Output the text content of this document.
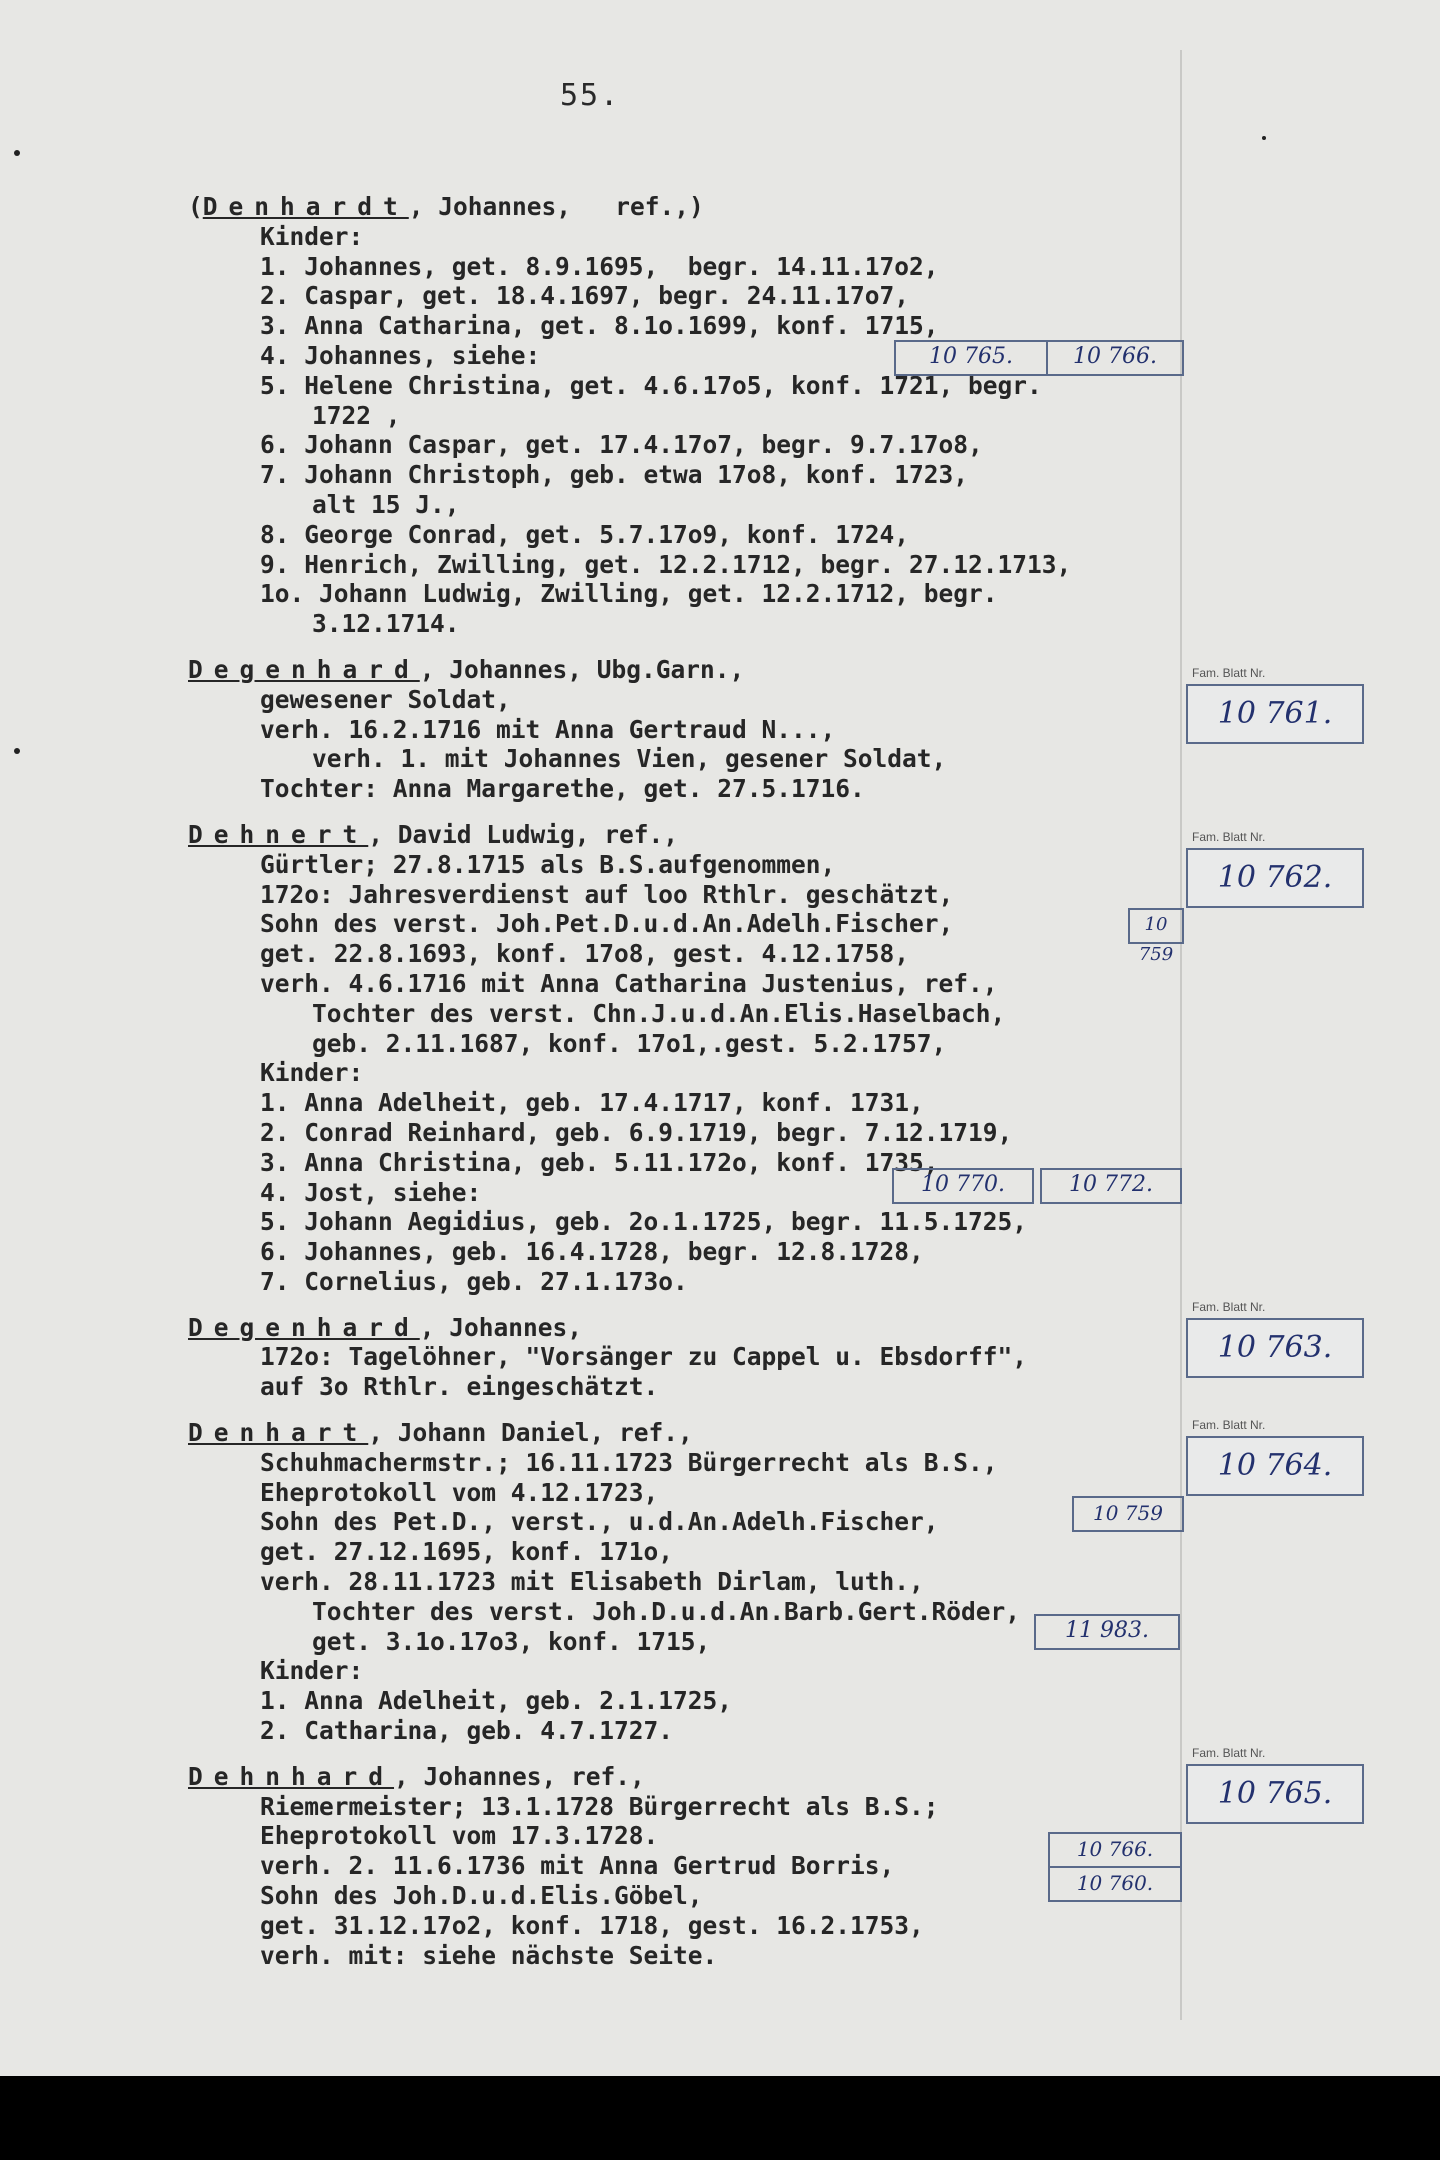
55.
(Denhardt, Johannes,   ref.,)
Kinder:
1. Johannes, get. 8.9.1695,  begr. 14.11.17o2,
2. Caspar, get. 18.4.1697, begr. 24.11.17o7,
3. Anna Catharina, get. 8.1o.1699, konf. 1715,
4. Johannes, siehe:
5. Helene Christina, get. 4.6.17o5, konf. 1721, begr.
1722 ,
6. Johann Caspar, get. 17.4.17o7, begr. 9.7.17o8,
7. Johann Christoph, geb. etwa 17o8, konf. 1723,
alt 15 J.,
8. George Conrad, get. 5.7.17o9, konf. 1724,
9. Henrich, Zwilling, get. 12.2.1712, begr. 27.12.1713,
1o. Johann Ludwig, Zwilling, get. 12.2.1712, begr.
3.12.1714.
Degenhard, Johannes, Ubg.Garn.,
gewesener Soldat,
verh. 16.2.1716 mit Anna Gertraud N...,
verh. 1. mit Johannes Vien, gesener Soldat,
Tochter: Anna Margarethe, get. 27.5.1716.
Dehnert, David Ludwig, ref.,
Gürtler; 27.8.1715 als B.S.aufgenommen,
172o: Jahresverdienst auf loo Rthlr. geschätzt,
Sohn des verst. Joh.Pet.D.u.d.An.Adelh.Fischer,
get. 22.8.1693, konf. 17o8, gest. 4.12.1758,
verh. 4.6.1716 mit Anna Catharina Justenius, ref.,
Tochter des verst. Chn.J.u.d.An.Elis.Haselbach,
geb. 2.11.1687, konf. 17o1,.gest. 5.2.1757,
Kinder:
1. Anna Adelheit, geb. 17.4.1717, konf. 1731,
2. Conrad Reinhard, geb. 6.9.1719, begr. 7.12.1719,
3. Anna Christina, geb. 5.11.172o, konf. 1735,
4. Jost, siehe:
5. Johann Aegidius, geb. 2o.1.1725, begr. 11.5.1725,
6. Johannes, geb. 16.4.1728, begr. 12.8.1728,
7. Cornelius, geb. 27.1.173o.
Degenhard, Johannes,
172o: Tagelöhner, "Vorsänger zu Cappel u. Ebsdorff",
auf 3o Rthlr. eingeschätzt.
Denhart, Johann Daniel, ref.,
Schuhmachermstr.; 16.11.1723 Bürgerrecht als B.S.,
Eheprotokoll vom 4.12.1723,
Sohn des Pet.D., verst., u.d.An.Adelh.Fischer,
get. 27.12.1695, konf. 171o,
verh. 28.11.1723 mit Elisabeth Dirlam, luth.,
Tochter des verst. Joh.D.u.d.An.Barb.Gert.Röder,
get. 3.1o.17o3, konf. 1715,
Kinder:
1. Anna Adelheit, geb. 2.1.1725,
2. Catharina, geb. 4.7.1727.
Dehnhard, Johannes, ref.,
Riemermeister; 13.1.1728 Bürgerrecht als B.S.;
Eheprotokoll vom 17.3.1728.
verh. 2. 11.6.1736 mit Anna Gertrud Borris,
Sohn des Joh.D.u.d.Elis.Göbel,
get. 31.12.17o2, konf. 1718, gest. 16.2.1753,
verh. mit: siehe nächste Seite.
Fam. Blatt Nr.
10 761.
Fam. Blatt Nr.
10 762.
Fam. Blatt Nr.
10 763.
Fam. Blatt Nr.
10 764.
Fam. Blatt Nr.
10 765.
10 765.	10 766.
10 759
10 770.	10 772.
10 759
11 983.
10 766.
10 760.
